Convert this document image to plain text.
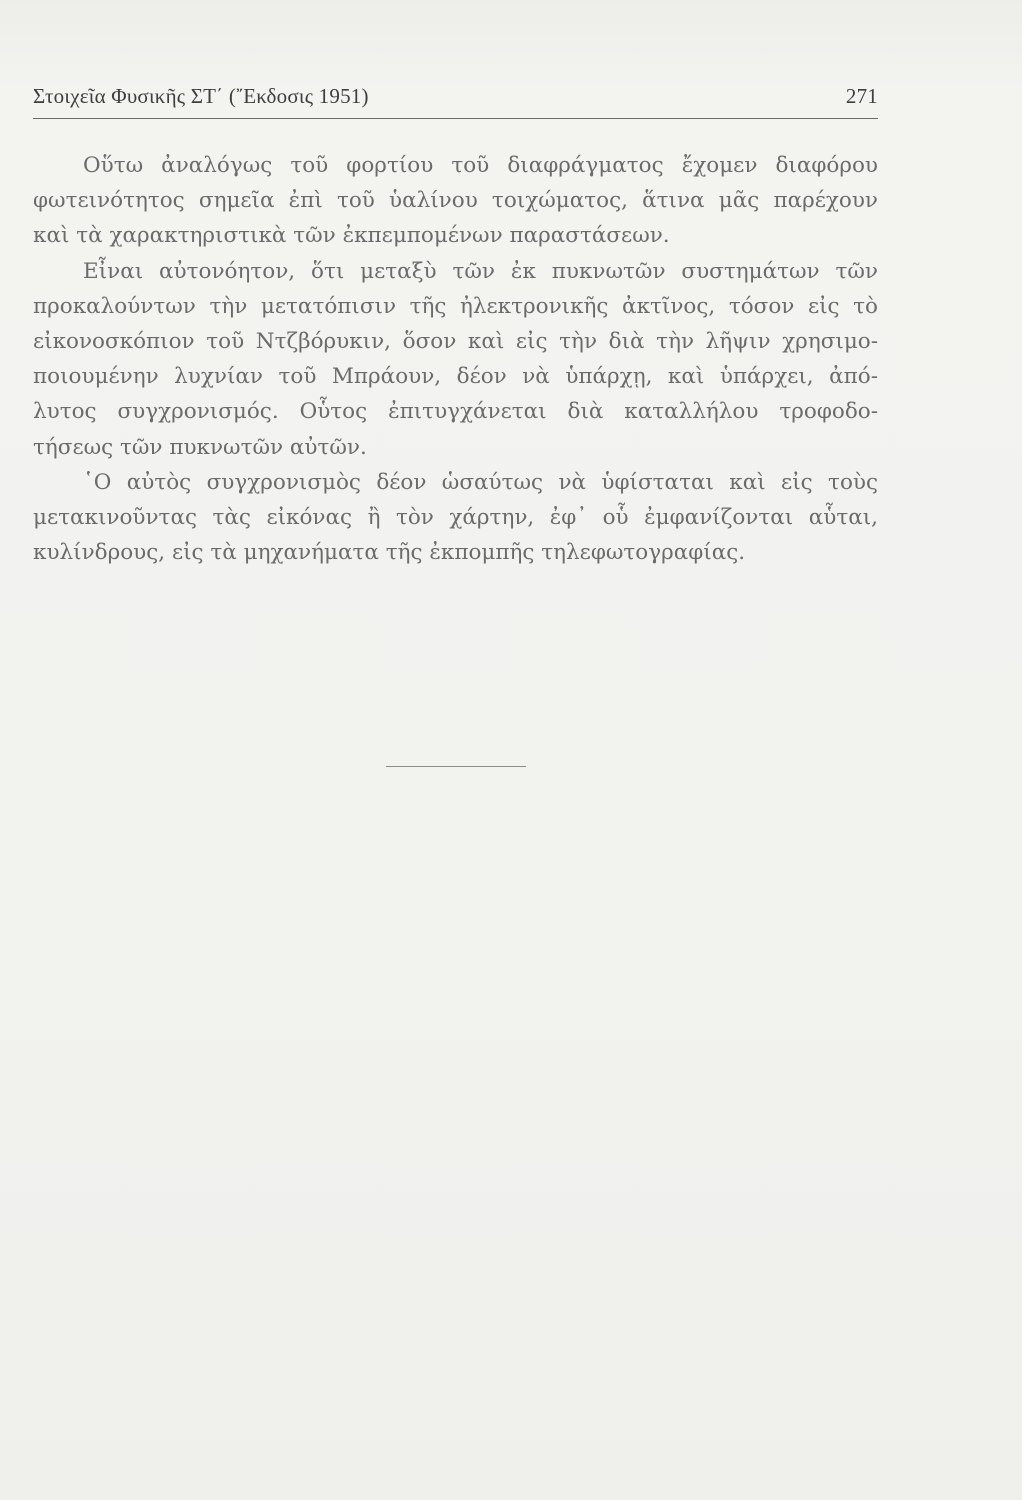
Στοιχεῖα Φυσικῆς ΣΤ΄ (῎Εκδοσις 1951)	271
Οὕτω ἀναλόγως τοῦ φορτίου τοῦ διαφράγματος ἔχομεν διαφόρου
φωτεινότητος σημεῖα ἐπὶ τοῦ ὑαλίνου τοιχώματος, ἅτινα μᾶς παρέχουν
καὶ τὰ χαρακτηριστικὰ τῶν ἐκπεμπομένων παραστάσεων.
Εἶναι αὐτονόητον, ὅτι μεταξὺ τῶν ἐκ πυκνωτῶν συστημάτων τῶν
προκαλούντων τὴν μετατόπισιν τῆς ἠλεκτρονικῆς ἀκτῖνος, τόσον εἰς τὸ
εἰκονοσκόπιον τοῦ Ντζβόρυκιν, ὅσον καὶ εἰς τὴν διὰ τὴν λῆψιν χρησιμο-
ποιουμένην λυχνίαν τοῦ Μπράουν, δέον νὰ ὑπάρχῃ, καὶ ὑπάρχει, ἀπό-
λυτος συγχρονισμός. Οὗτος ἐπιτυγχάνεται διὰ καταλλήλου τροφοδο-
τήσεως τῶν πυκνωτῶν αὐτῶν.
῾Ο αὐτὸς συγχρονισμὸς δέον ὡσαύτως νὰ ὑφίσταται καὶ εἰς τοὺς
μετακινοῦντας τὰς εἰκόνας ἢ τὸν χάρτην, ἐφ᾽ οὗ ἐμφανίζονται αὗται,
κυλίνδρους, εἰς τὰ μηχανήματα τῆς ἐκπομπῆς τηλεφωτογραφίας.
